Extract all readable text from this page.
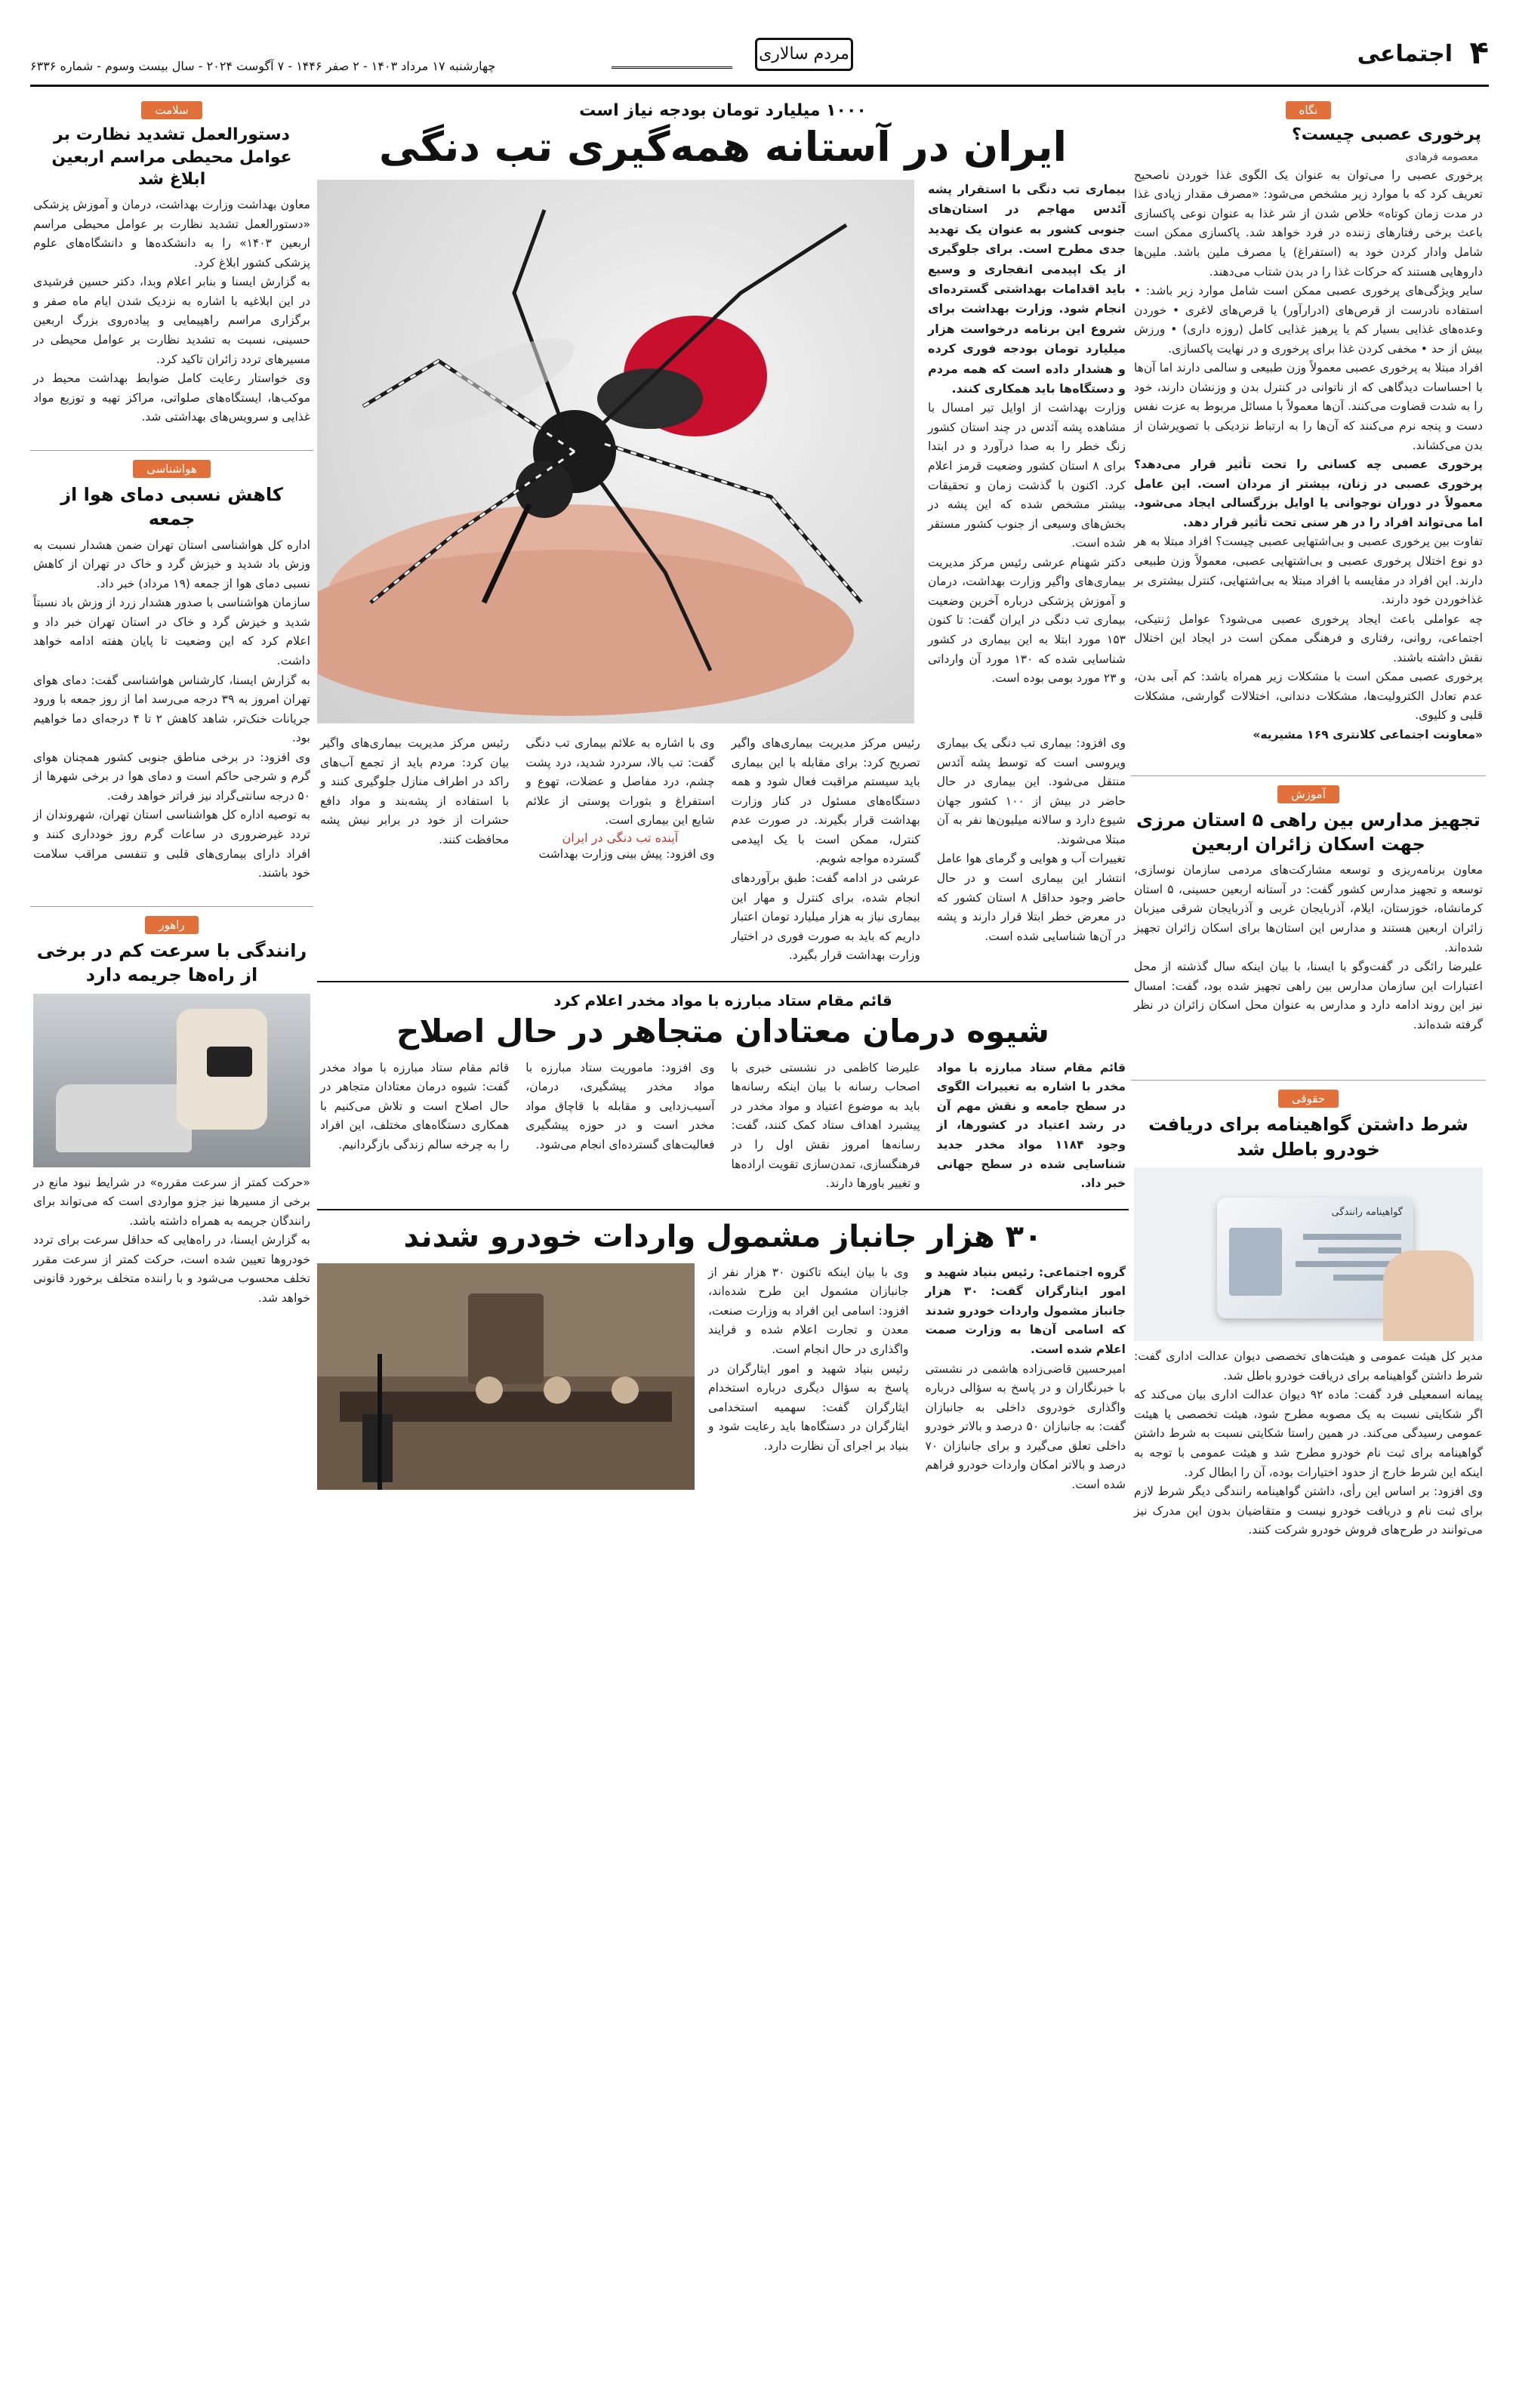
۴
اجتماعی
مردم سالاری
چهارشنبه ۱۷ مرداد ۱۴۰۳ - ۲ صفر ۱۴۴۶ - ۷ آگوست ۲۰۲۴ - سال بیست وسوم - شماره ۶۳۳۶
نگاه
پرخوری عصبی چیست؟
معصومه فرهادی

پرخوری عصبی را می‌توان به عنوان یک الگوی غذا خوردن ناصحیح تعریف کرد که با موارد زیر مشخص می‌شود: «مصرف مقدار زیادی غذا در مدت زمان کوتاه» خلاص شدن از شر غذا به عنوان نوعی پاکسازی باعث برخی رفتارهای زننده در فرد خواهد شد. پاکسازی ممکن است شامل وادار کردن خود به (استفراغ) یا مصرف ملین باشد. ملین‌ها داروهایی هستند که حرکات غذا را در بدن شتاب می‌دهند.

سایر ویژگی‌های پرخوری عصبی ممکن است شامل موارد زیر باشد: • استفاده نادرست از قرص‌های (ادرارآور) یا قرص‌های لاغری • خوردن وعده‌های غذایی بسیار کم یا پرهیز غذایی کامل (روزه داری) • ورزش بیش از حد • مخفی کردن غذا برای پرخوری و در نهایت پاکسازی.

افراد مبتلا به پرخوری عصبی معمولاً وزن طبیعی و سالمی دارند اما آن‌ها با احساسات دیدگاهی که از ناتوانی در کنترل بدن و وزنشان دارند، خود را به شدت قضاوت می‌کنند. آن‌ها معمولاً با مسائل مربوط به عزت نفس دست و پنجه نرم می‌کنند که آن‌ها را به ارتباط نزدیکی با تصویرشان از بدن می‌کشاند.

پرخوری عصبی چه کسانی را تحت تأثیر قرار می‌دهد؟ پرخوری عصبی در زنان، بیشتر از مردان است. این عامل معمولاً در دوران نوجوانی یا اوایل بزرگسالی ایجاد می‌شود. اما می‌تواند افراد را در هر سنی تحت تأثیر قرار دهد.

تفاوت بین پرخوری عصبی و بی‌اشتهایی عصبی چیست؟ افراد مبتلا به هر دو نوع اختلال پرخوری عصبی و بی‌اشتهایی عصبی، معمولاً وزن طبیعی دارند. این افراد در مقایسه با افراد مبتلا به بی‌اشتهایی، کنترل بیشتری بر غذاخوردن خود دارند.

چه عواملی باعث ایجاد پرخوری عصبی می‌شود؟ عوامل ژنتیکی، اجتماعی، روانی، رفتاری و فرهنگی ممکن است در ایجاد این اختلال نقش داشته باشند.

پرخوری عصبی ممکن است با مشکلات زیر همراه باشد: کم آبی بدن، عدم تعادل الکترولیت‌ها، مشکلات دندانی، اختلالات گوارشی، مشکلات قلبی و کلیوی.

«معاونت اجتماعی کلانتری ۱۶۹ مشیریه»

آموزش
تجهیز مدارس بین راهی ۵ استان مرزی جهت اسکان زائران اربعین

معاون برنامه‌ریزی و توسعه مشارکت‌های مردمی سازمان نوسازی، توسعه و تجهیز مدارس کشور گفت: در آستانه اربعین حسینی، ۵ استان کرمانشاه، خوزستان، ایلام، آذربایجان غربی و آذربایجان شرقی میزبان زائران اربعین هستند و مدارس این استان‌ها برای اسکان زائران تجهیز شده‌اند.

علیرضا رائگی در گفت‌وگو با ایسنا، با بیان اینکه سال گذشته از محل اعتبارات این سازمان مدارس بین راهی تجهیز شده بود، گفت: امسال نیز این روند ادامه دارد و مدارس به عنوان محل اسکان زائران در نظر گرفته شده‌اند.

حقوقی
شرط داشتن گواهینامه برای دریافت خودرو باطل شد
گواهینامه رانندگی

مدیر کل هیئت عمومی و هیئت‌های تخصصی دیوان عدالت اداری گفت: شرط داشتن گواهینامه برای دریافت خودرو باطل شد.

پیمانه اسمعیلی فرد گفت: ماده ۹۲ دیوان عدالت اداری بیان می‌کند که اگر شکایتی نسبت به یک مصوبه مطرح شود، هیئت تخصصی یا هیئت عمومی رسیدگی می‌کند. در همین راستا شکایتی نسبت به شرط داشتن گواهینامه برای ثبت نام خودرو مطرح شد و هیئت عمومی با توجه به اینکه این شرط خارج از حدود اختیارات بوده، آن را ابطال کرد.

وی افزود: بر اساس این رأی، داشتن گواهینامه رانندگی دیگر شرط لازم برای ثبت نام و دریافت خودرو نیست و متقاضیان بدون این مدرک نیز می‌توانند در طرح‌های فروش خودرو شرکت کنند.

۱۰۰۰ میلیارد تومان بودجه نیاز است
ایران در آستانه همه‌گیری تب دنگی

بیماری تب دنگی با استقرار پشه آئدس مهاجم در استان‌های جنوبی کشور به عنوان یک تهدید جدی مطرح است. برای جلوگیری از یک اپیدمی انفجاری و وسیع باید اقدامات بهداشتی گسترده‌ای انجام شود. وزارت بهداشت برای شروع این برنامه درخواست هزار میلیارد تومان بودجه فوری کرده و هشدار داده است که همه مردم و دستگاه‌ها باید همکاری کنند.

وزارت بهداشت از اوایل تیر امسال با مشاهده پشه آئدس در چند استان کشور زنگ خطر را به صدا درآورد و در ابتدا برای ۸ استان کشور وضعیت قرمز اعلام کرد. اکنون با گذشت زمان و تحقیقات بیشتر مشخص شده که این پشه در بخش‌های وسیعی از جنوب کشور مستقر شده است.

دکتر شهنام عرشی رئیس مرکز مدیریت بیماری‌های واگیر وزارت بهداشت، درمان و آموزش پزشکی درباره آخرین وضعیت بیماری تب دنگی در ایران گفت: تا کنون ۱۵۳ مورد ابتلا به این بیماری در کشور شناسایی شده که ۱۳۰ مورد آن وارداتی و ۲۳ مورد بومی بوده است.

وی افزود: بیماری تب دنگی یک بیماری ویروسی است که توسط پشه آئدس منتقل می‌شود. این بیماری در حال حاضر در بیش از ۱۰۰ کشور جهان شیوع دارد و سالانه میلیون‌ها نفر به آن مبتلا می‌شوند.

تغییرات آب و هوایی و گرمای هوا عامل انتشار این بیماری است و در حال حاضر وجود حداقل ۸ استان کشور که در معرض خطر ابتلا قرار دارند و پشه در آن‌ها شناسایی شده است.

رئیس مرکز مدیریت بیماری‌های واگیر تصریح کرد: برای مقابله با این بیماری باید سیستم مراقبت فعال شود و همه دستگاه‌های مسئول در کنار وزارت بهداشت قرار بگیرند. در صورت عدم کنترل، ممکن است با یک اپیدمی گسترده مواجه شویم.

عرشی در ادامه گفت: طبق برآوردهای انجام شده، برای کنترل و مهار این بیماری نیاز به هزار میلیارد تومان اعتبار داریم که باید به صورت فوری در اختیار وزارت بهداشت قرار بگیرد.

وی با اشاره به علائم بیماری تب دنگی گفت: تب بالا، سردرد شدید، درد پشت چشم، درد مفاصل و عضلات، تهوع و استفراغ و بثورات پوستی از علائم شایع این بیماری است.

آینده تب دنگی در ایران

وی افزود: پیش بینی وزارت بهداشت

رئیس مرکز مدیریت بیماری‌های واگیر بیان کرد: مردم باید از تجمع آب‌های راکد در اطراف منازل جلوگیری کنند و با استفاده از پشه‌بند و مواد دافع حشرات از خود در برابر نیش پشه محافظت کنند.

قائم مقام ستاد مبارزه با مواد مخدر اعلام کرد
شیوه درمان معتادان متجاهر در حال اصلاح

قائم مقام ستاد مبارزه با مواد مخدر با اشاره به تغییرات الگوی در سطح جامعه و نقش مهم آن در رشد اعتیاد در کشورها، از وجود ۱۱۸۴ مواد مخدر جدید شناسایی شده در سطح جهانی خبر داد.

علیرضا کاظمی در نشستی خبری با اصحاب رسانه با بیان اینکه رسانه‌ها باید به موضوع اعتیاد و مواد مخدر در پیشبرد اهداف ستاد کمک کنند، گفت: رسانه‌ها امروز نقش اول را در فرهنگسازی، تمدن‌سازی تقویت اراده‌ها و تغییر باورها دارند.

وی افزود: ماموریت ستاد مبارزه با مواد مخدر پیشگیری، درمان، آسیب‌زدایی و مقابله با قاچاق مواد مخدر است و در حوزه پیشگیری فعالیت‌های گسترده‌ای انجام می‌شود.

قائم مقام ستاد مبارزه با مواد مخدر گفت: شیوه درمان معتادان متجاهر در حال اصلاح است و تلاش می‌کنیم با همکاری دستگاه‌های مختلف، این افراد را به چرخه سالم زندگی بازگردانیم.

۳۰ هزار جانباز مشمول واردات خودرو شدند

گروه اجتماعی: رئیس بنیاد شهید و امور ایثارگران گفت: ۳۰ هزار جانباز مشمول واردات خودرو شدند که اسامی آن‌ها به وزارت صمت اعلام شده است.

امیرحسین قاضی‌زاده هاشمی در نشستی با خبرنگاران و در پاسخ به سؤالی درباره واگذاری خودروی داخلی به جانبازان گفت: به جانبازان ۵۰ درصد و بالاتر خودرو داخلی تعلق می‌گیرد و برای جانبازان ۷۰ درصد و بالاتر امکان واردات خودرو فراهم شده است.

وی با بیان اینکه تاکنون ۳۰ هزار نفر از جانبازان مشمول این طرح شده‌اند، افزود: اسامی این افراد به وزارت صنعت، معدن و تجارت اعلام شده و فرایند واگذاری در حال انجام است.

رئیس بنیاد شهید و امور ایثارگران در پاسخ به سؤال دیگری درباره استخدام ایثارگران گفت: سهمیه استخدامی ایثارگران در دستگاه‌ها باید رعایت شود و بنیاد بر اجرای آن نظارت دارد.

سلامت
دستورالعمل تشدید نظارت بر عوامل محیطی مراسم اربعین ابلاغ شد

معاون بهداشت وزارت بهداشت، درمان و آموزش پزشکی «دستورالعمل تشدید نظارت بر عوامل محیطی مراسم اربعین ۱۴۰۳» را به دانشکده‌ها و دانشگاه‌های علوم پزشکی کشور ابلاغ کرد.

به گزارش ایسنا و بنابر اعلام وبدا، دکتر حسین فرشیدی در این ابلاغیه با اشاره به نزدیک شدن ایام ماه صفر و برگزاری مراسم راهپیمایی و پیاده‌روی بزرگ اربعین حسینی، نسبت به تشدید نظارت بر عوامل محیطی در مسیرهای تردد زائران تاکید کرد.

وی خواستار رعایت کامل ضوابط بهداشت محیط در موکب‌ها، ایستگاه‌های صلواتی، مراکز تهیه و توزیع مواد غذایی و سرویس‌های بهداشتی شد.

هواشناسی
کاهش نسبی دمای هوا از جمعه

اداره کل هواشناسی استان تهران ضمن هشدار نسبت به وزش باد شدید و خیزش گرد و خاک در تهران از کاهش نسبی دمای هوا از جمعه (۱۹ مرداد) خبر داد.

سازمان هواشناسی با صدور هشدار زرد از وزش باد نسبتاً شدید و خیزش گرد و خاک در استان تهران خبر داد و اعلام کرد که این وضعیت تا پایان هفته ادامه خواهد داشت.

به گزارش ایسنا، کارشناس هواشناسی گفت: دمای هوای تهران امروز به ۳۹ درجه می‌رسد اما از روز جمعه با ورود جریانات خنک‌تر، شاهد کاهش ۲ تا ۴ درجه‌ای دما خواهیم بود.

وی افزود: در برخی مناطق جنوبی کشور همچنان هوای گرم و شرجی حاکم است و دمای هوا در برخی شهرها از ۵۰ درجه سانتی‌گراد نیز فراتر خواهد رفت.

به توصیه اداره کل هواشناسی استان تهران، شهروندان از تردد غیرضروری در ساعات گرم روز خودداری کنند و افراد دارای بیماری‌های قلبی و تنفسی مراقب سلامت خود باشند.

راهور
رانندگی با سرعت کم در برخی از راه‌ها جریمه دارد

«حرکت کمتر از سرعت مقرره» در شرایط نبود مانع در برخی از مسیرها نیز جزو مواردی است که می‌تواند برای رانندگان جریمه به همراه داشته باشد.

به گزارش ایسنا، در راه‌هایی که حداقل سرعت برای تردد خودروها تعیین شده است، حرکت کمتر از سرعت مقرر تخلف محسوب می‌شود و با راننده متخلف برخورد قانونی خواهد شد.
